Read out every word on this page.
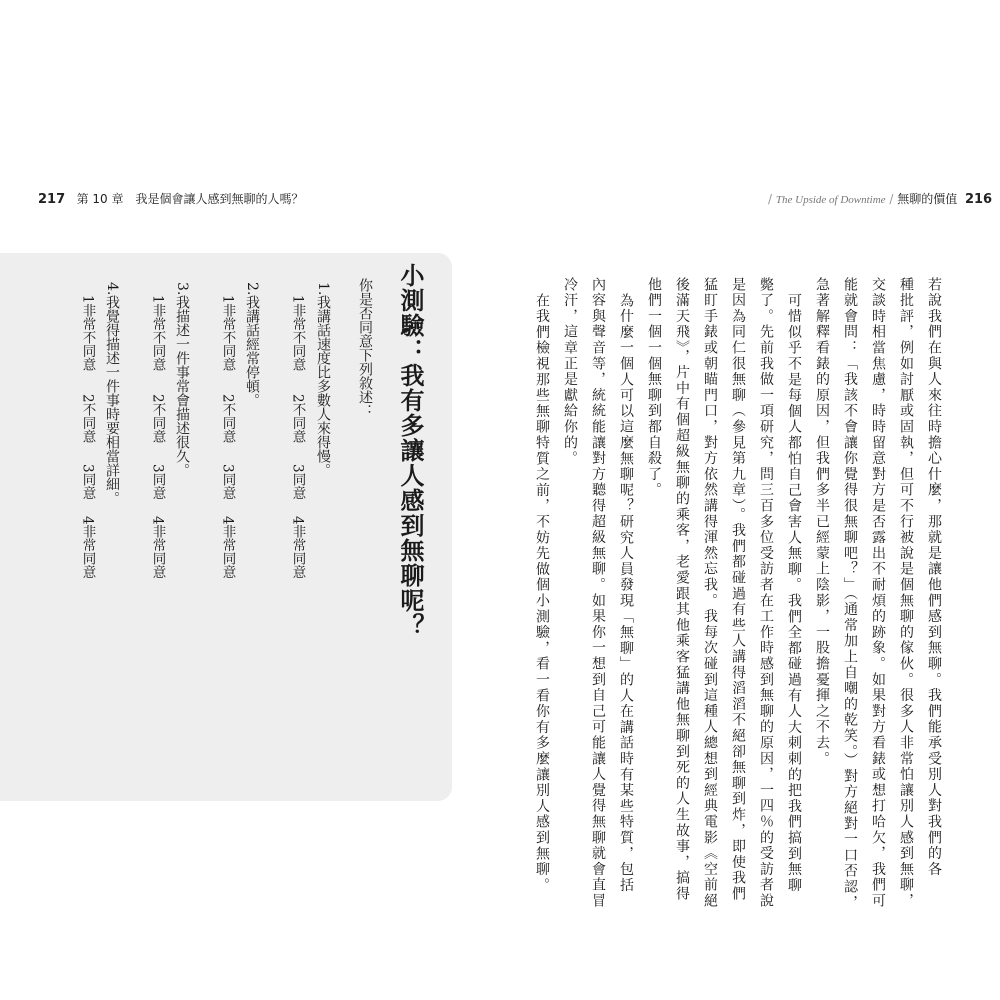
217 第 10 章　我是個會讓人感到無聊的人嗎？	/ The Upside of Downtime / 無聊的價值 216
小測驗：我有多讓人感到無聊呢？
你是否同意下列敘述：
1.我講話速度比多數人來得慢。
1非常不同意
2不同意
3同意
4非常同意
2.我講話經常停頓。
1非常不同意
2不同意
3同意
4非常同意
3.我描述一件事常會描述很久。
1非常不同意
2不同意
3同意
4非常同意
4.我覺得描述一件事時要相當詳細。
1非常不同意
2不同意
3同意
4非常同意	若說我們在與人來往時擔心什麼，那就是讓他們感到無聊。我們能承受別人對我們的各
種批評，例如討厭或固執，但可不行被說是個無聊的傢伙。很多人非常怕讓別人感到無聊，
交談時相當焦慮，時時留意對方是否露出不耐煩的跡象。如果對方看錶或想打哈欠，我們可
能就會問：「我該不會讓你覺得很無聊吧？」（通常加上自嘲的乾笑。）對方絕對一口否認，
急著解釋看錶的原因，但我們多半已經蒙上陰影，一股擔憂揮之不去。
可惜似乎不是每個人都怕自己會害人無聊。我們全都碰過有人大刺刺的把我們搞到無聊
斃了。先前我做一項研究，問三百多位受訪者在工作時感到無聊的原因，一四％的受訪者說
是因為同仁很無聊（參見第九章）。我們都碰過有些人講得滔滔不絕卻無聊到炸，即使我們
猛盯手錶或朝瞄門口，對方依然講得渾然忘我。我每次碰到這種人總想到經典電影《空前絕
後滿天飛》，片中有個超級無聊的乘客，老愛跟其他乘客猛講他無聊到死的人生故事，搞得
他們一個一個無聊到都自殺了。
為什麼一個人可以這麼無聊呢？研究人員發現「無聊」的人在講話時有某些特質，包括
內容與聲音等，統統能讓對方聽得超級無聊。如果你一想到自己可能讓人覺得無聊就會直冒
冷汗，這章正是獻給你的。
在我們檢視那些無聊特質之前，不妨先做個小測驗，看一看你有多麼讓別人感到無聊。
